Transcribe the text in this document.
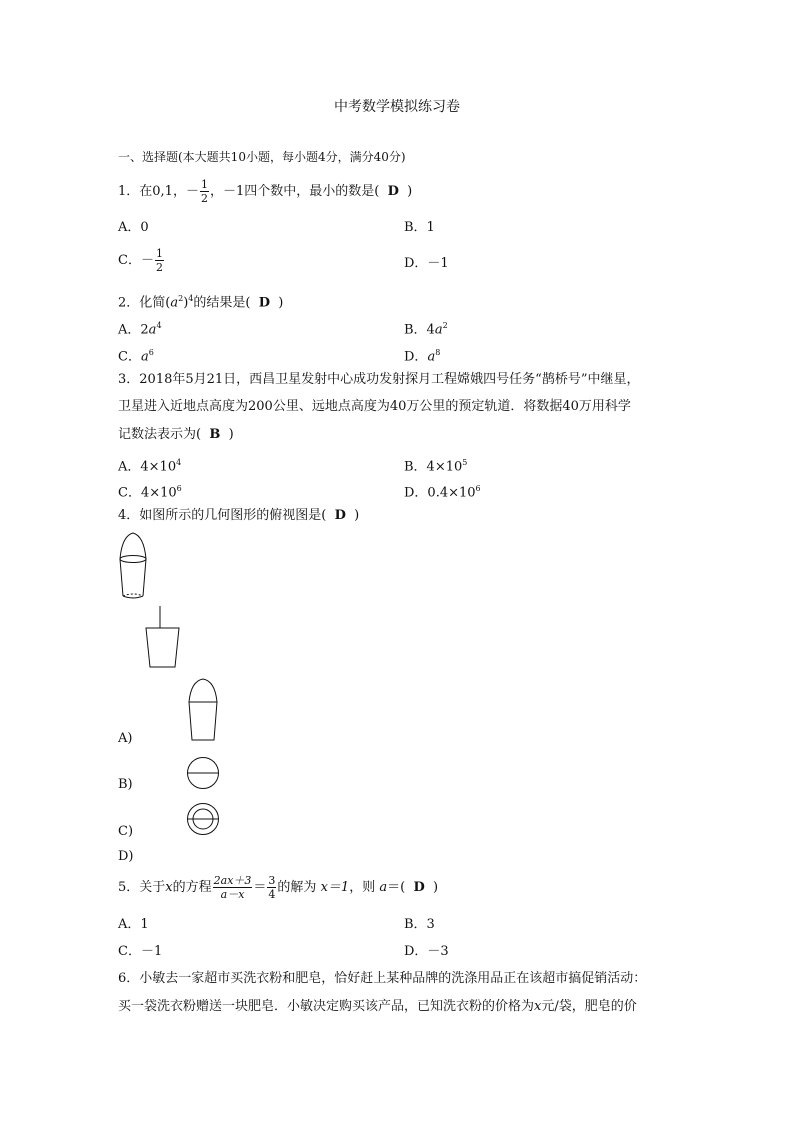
中考数学模拟练习卷
一、选择题(本大题共10小题，每小题4分，满分40分)
1．在0,1，－ $\frac{1}{2}$ ，－1四个数中，最小的数是( D )
A．0	B．1
C．－ $\frac{1}{2}$	D．－1
2．化简$(a^2)^4$的结果是( D )
A．$2a^4$	B．$4a^2$
C．$a^6$	D．$a^8$
3．2018年5月21日，西昌卫星发射中心成功发射探月工程嫦娥四号任务“鹊桥号”中继星，
卫星进入近地点高度为200公里、远地点高度为40万公里的预定轨道．将数据40万用科学
记数法表示为( B )
A．$4\times 10^4$	B．$4\times 10^5$
C．$4\times 10^6$	D．$0.4\times 10^6$
4．如图所示的几何图形的俯视图是( D )
A)
B)
C)
D)
5．关于x的方程 $\frac{2ax+3}{a-x} = \frac{3}{4}$ 的解为 x＝1，则 a＝( D )
A．1	B．3
C．－1	D．－3
6．小敏去一家超市买洗衣粉和肥皂，恰好赶上某种品牌的洗涤用品正在该超市搞促销活动：
买一袋洗衣粉赠送一块肥皂．小敏决定购买该产品，已知洗衣粉的价格为x元/袋，肥皂的价
